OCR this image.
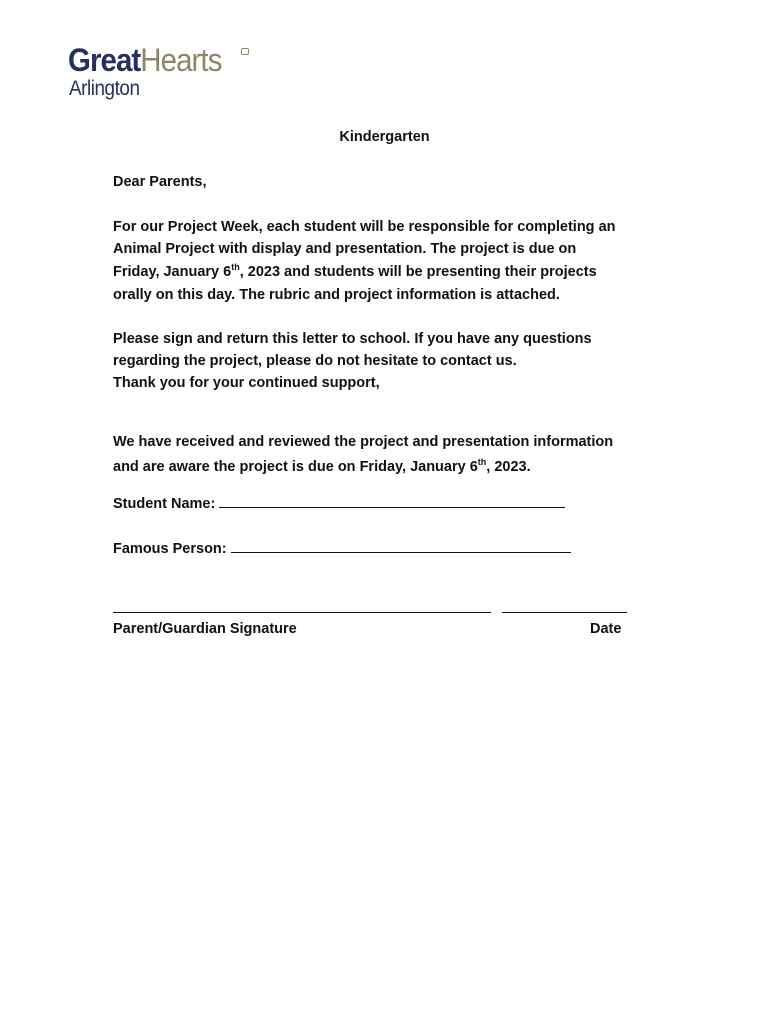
GreatHearts
Arlington
Kindergarten
Dear Parents,
For our Project Week, each student will be responsible for completing an
Animal Project with display and presentation. The project is due on
Friday, January 6th, 2023 and students will be presenting their projects
orally on this day. The rubric and project information is attached.
Please sign and return this letter to school. If you have any questions
regarding the project, please do not hesitate to contact us.
Thank you for your continued support,
We have received and reviewed the project and presentation information
and are aware the project is due on Friday, January 6th, 2023.
Student Name:
Famous Person:
Parent/Guardian Signature	Date
